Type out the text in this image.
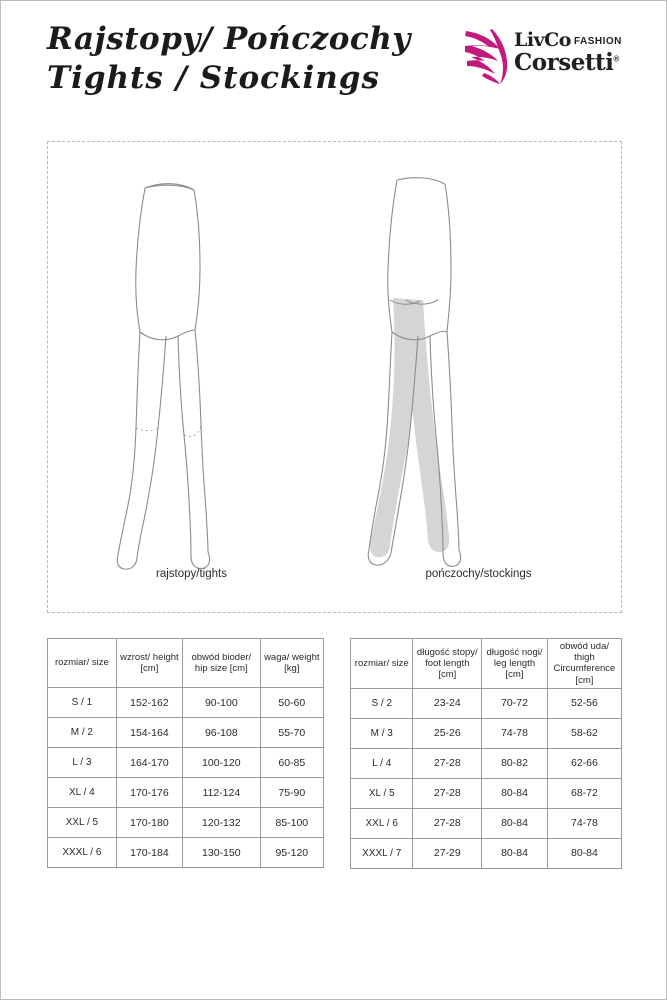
Rajstopy/ Pończochy
Tights / Stockings
LivCo FASHION
Corsetti®
rajstopy/tights	pończochy/stockings
rozmiar/ size	wzrost/ height [cm]	obwód bioder/ hip size [cm]	waga/ weight [kg]
S / 1	152-162	90-100	50-60
M / 2	154-164	96-108	55-70
L / 3	164-170	100-120	60-85
XL / 4	170-176	112-124	75-90
XXL / 5	170-180	120-132	85-100
XXXL / 6	170-184	130-150	95-120
rozmiar/ size	długość stopy/ foot length [cm]	długość nogi/ leg length [cm]	obwód uda/ thigh Circumference [cm]
S / 2	23-24	70-72	52-56
M / 3	25-26	74-78	58-62
L / 4	27-28	80-82	62-66
XL / 5	27-28	80-84	68-72
XXL / 6	27-28	80-84	74-78
XXXL / 7	27-29	80-84	80-84
